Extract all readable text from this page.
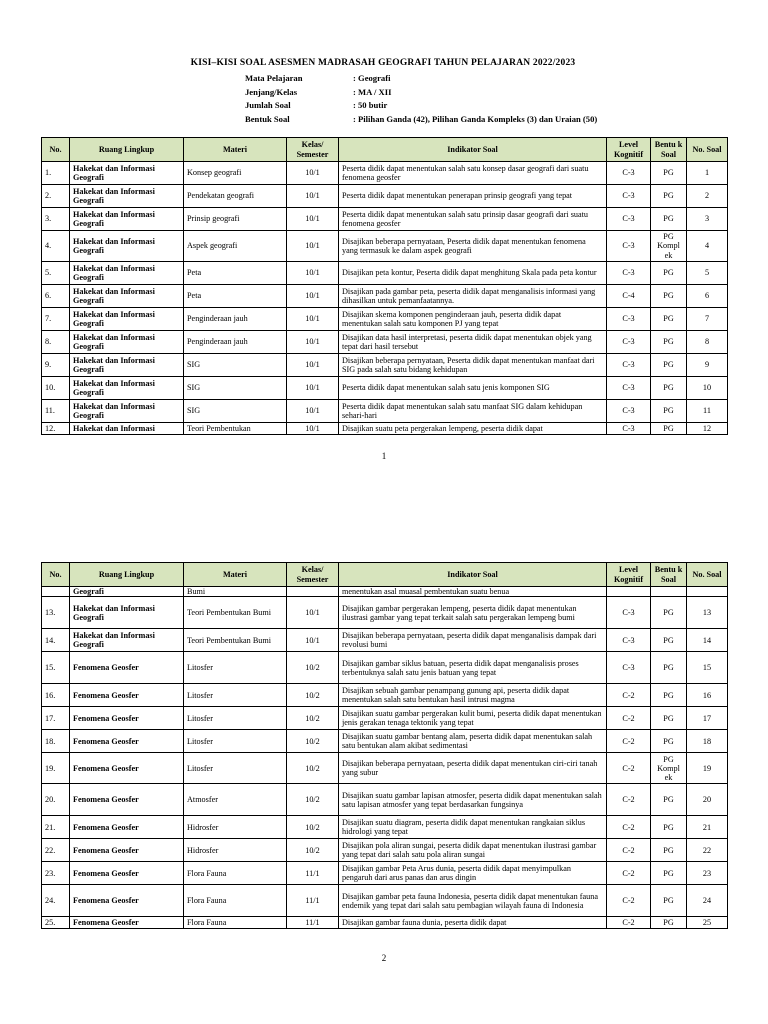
KISI–KISI SOAL ASESMEN MADRASAH GEOGRAFI TAHUN PELAJARAN 2022/2023
Mata Pelajaran	: Geografi
Jenjang/Kelas	: MA / XII
Jumlah Soal	: 50 butir
Bentuk Soal	: Pilihan Ganda (42), Pilihan Ganda Kompleks (3) dan Uraian (50)
No.	Ruang Lingkup	Materi	Kelas/ Semester	Indikator Soal	Level Kognitif	Bentu k Soal	No. Soal
1.	Hakekat dan Informasi Geografi	Konsep geografi	10/1	Peserta didik dapat menentukan salah satu konsep dasar geografi dari suatu fenomena geosfer	C-3	PG	1
2.	Hakekat dan Informasi Geografi	Pendekatan geografi	10/1	Peserta didik dapat menentukan penerapan prinsip geografi yang tepat	C-3	PG	2
3.	Hakekat dan Informasi Geografi	Prinsip geografi	10/1	Peserta didik dapat menentukan salah satu prinsip dasar geografi dari suatu fenomena geosfer	C-3	PG	3
4.	Hakekat dan Informasi Geografi	Aspek geografi	10/1	Disajikan beberapa pernyataan, Peserta didik dapat menentukan fenomena yang termasuk ke dalam aspek geografi	C-3	PG Kompl ek	4
5.	Hakekat dan Informasi Geografi	Peta	10/1	Disajikan peta kontur, Peserta didik dapat menghitung Skala pada peta kontur	C-3	PG	5
6.	Hakekat dan Informasi Geografi	Peta	10/1	Disajikan pada gambar peta, peserta didik dapat menganalisis informasi yang dihasilkan untuk pemanfaatannya.	C-4	PG	6
7.	Hakekat dan Informasi Geografi	Penginderaan jauh	10/1	Disajikan skema komponen penginderaan jauh, peserta didik dapat menentukan salah satu komponen PJ yang tepat	C-3	PG	7
8.	Hakekat dan Informasi Geografi	Penginderaan jauh	10/1	Disajikan data hasil interpretasi, peserta didik dapat menentukan objek yang tepat dari hasil tersebut	C-3	PG	8
9.	Hakekat dan Informasi Geografi	SIG	10/1	Disajikan beberapa pernyataan, Peserta didik dapat menentukan manfaat dari SIG pada salah satu bidang kehidupan	C-3	PG	9
10.	Hakekat dan Informasi Geografi	SIG	10/1	Peserta didik dapat menentukan salah satu jenis komponen SIG	C-3	PG	10
11.	Hakekat dan Informasi Geografi	SIG	10/1	Peserta didik dapat menentukan salah satu manfaat SIG dalam kehidupan sehari-hari	C-3	PG	11
12.	Hakekat dan Informasi	Teori Pembentukan	10/1	Disajikan suatu peta pergerakan lempeng, peserta didik dapat	C-3	PG	12
1
No.	Ruang Lingkup	Materi	Kelas/ Semester	Indikator Soal	Level Kognitif	Bentu k Soal	No. Soal
	Geografi	Bumi		menentukan asal muasal pembentukan suatu benua			
13.	Hakekat dan Informasi Geografi	Teori Pembentukan Bumi	10/1	Disajikan gambar pergerakan lempeng, peserta didik dapat menentukan ilustrasi gambar yang tepat terkait salah satu pergerakan lempeng bumi	C-3	PG	13
14.	Hakekat dan Informasi Geografi	Teori Pembentukan Bumi	10/1	Disajikan beberapa pernyataan, peserta didik dapat menganalisis dampak dari revolusi bumi	C-3	PG	14
15.	Fenomena Geosfer	Litosfer	10/2	Disajikan gambar siklus batuan, peserta didik dapat menganalisis proses terbentuknya salah satu jenis batuan yang tepat	C-3	PG	15
16.	Fenomena Geosfer	Litosfer	10/2	Disajikan sebuah gambar penampang gunung api, peserta didik dapat menentukan salah satu bentukan hasil intrusi magma	C-2	PG	16
17.	Fenomena Geosfer	Litosfer	10/2	Disajikan suatu gambar pergerakan kulit bumi, peserta didik dapat menentukan jenis gerakan tenaga tektonik yang tepat	C-2	PG	17
18.	Fenomena Geosfer	Litosfer	10/2	Disajikan suatu gambar bentang alam, peserta didik dapat menentukan salah satu bentukan alam akibat sedimentasi	C-2	PG	18
19.	Fenomena Geosfer	Litosfer	10/2	Disajikan beberapa pernyataan, peserta didik dapat menentukan ciri-ciri tanah yang subur	C-2	PG Kompl ek	19
20.	Fenomena Geosfer	Atmosfer	10/2	Disajikan suatu gambar lapisan atmosfer, peserta didik dapat menentukan salah satu lapisan atmosfer yang tepat berdasarkan fungsinya	C-2	PG	20
21.	Fenomena Geosfer	Hidrosfer	10/2	Disajikan suatu diagram, peserta didik dapat menentukan rangkaian siklus hidrologi yang tepat	C-2	PG	21
22.	Fenomena Geosfer	Hidrosfer	10/2	Disajikan pola aliran sungai, peserta didik dapat menentukan ilustrasi gambar yang tepat dari salah satu pola aliran sungai	C-2	PG	22
23.	Fenomena Geosfer	Flora Fauna	11/1	Disajikan gambar Peta Arus dunia, peserta didik dapat menyimpulkan pengaruh dari arus panas dan arus dingin	C-2	PG	23
24.	Fenomena Geosfer	Flora Fauna	11/1	Disajikan gambar peta fauna Indonesia, peserta didik dapat menentukan fauna endemik yang tepat dari salah satu pembagian wilayah fauna di Indonesia	C-2	PG	24
25.	Fenomena Geosfer	Flora Fauna	11/1	Disajikan gambar fauna dunia, peserta didik dapat	C-2	PG	25
2
